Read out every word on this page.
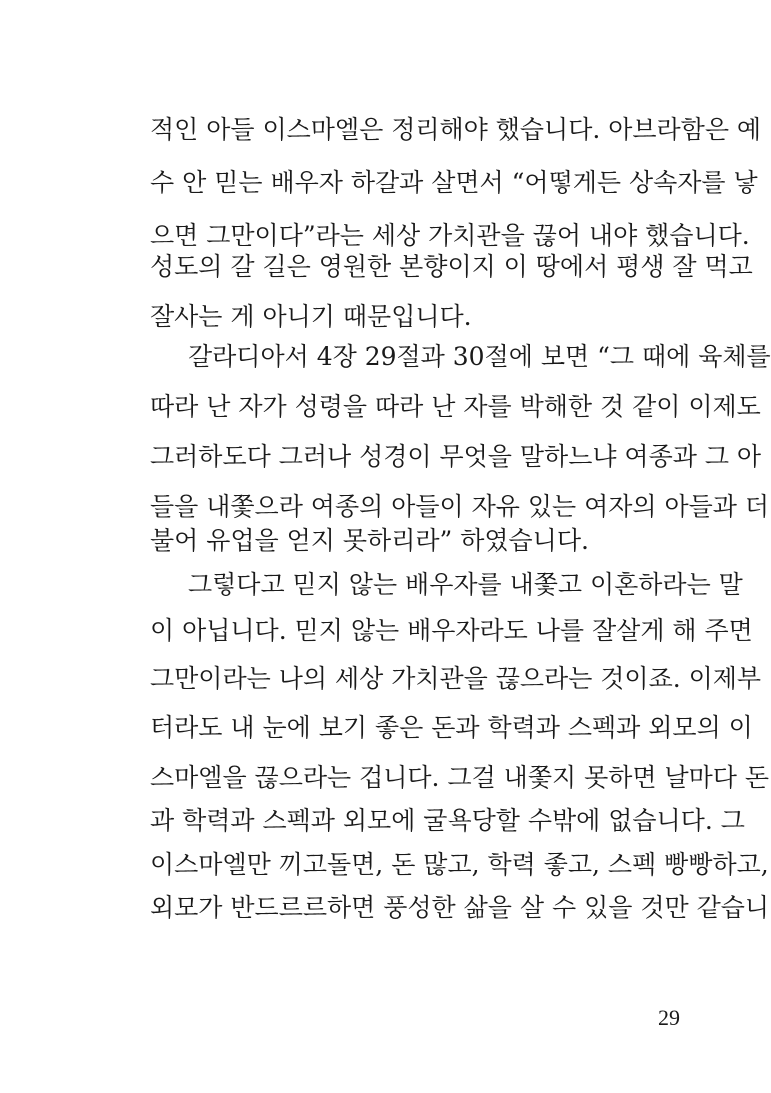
적인 아들 이스마엘은 정리해야 했습니다. 아브라함은 예
수 안 믿는 배우자 하갈과 살면서 “어떻게든 상속자를 낳
으면 그만이다”라는 세상 가치관을 끊어 내야 했습니다.
성도의 갈 길은 영원한 본향이지 이 땅에서 평생 잘 먹고
잘사는 게 아니기 때문입니다.
갈라디아서 4장 29절과 30절에 보면 “그 때에 육체를
따라 난 자가 성령을 따라 난 자를 박해한 것 같이 이제도
그러하도다 그러나 성경이 무엇을 말하느냐 여종과 그 아
들을 내쫓으라 여종의 아들이 자유 있는 여자의 아들과 더
불어 유업을 얻지 못하리라” 하였습니다.
그렇다고 믿지 않는 배우자를 내쫓고 이혼하라는 말
이 아닙니다. 믿지 않는 배우자라도 나를 잘살게 해 주면
그만이라는 나의 세상 가치관을 끊으라는 것이죠. 이제부
터라도 내 눈에 보기 좋은 돈과 학력과 스펙과 외모의 이
스마엘을 끊으라는 겁니다. 그걸 내쫓지 못하면 날마다 돈
과 학력과 스펙과 외모에 굴욕당할 수밖에 없습니다. 그
이스마엘만 끼고돌면, 돈 많고, 학력 좋고, 스펙 빵빵하고,
외모가 반드르르하면 풍성한 삶을 살 수 있을 것만 같습니
29
